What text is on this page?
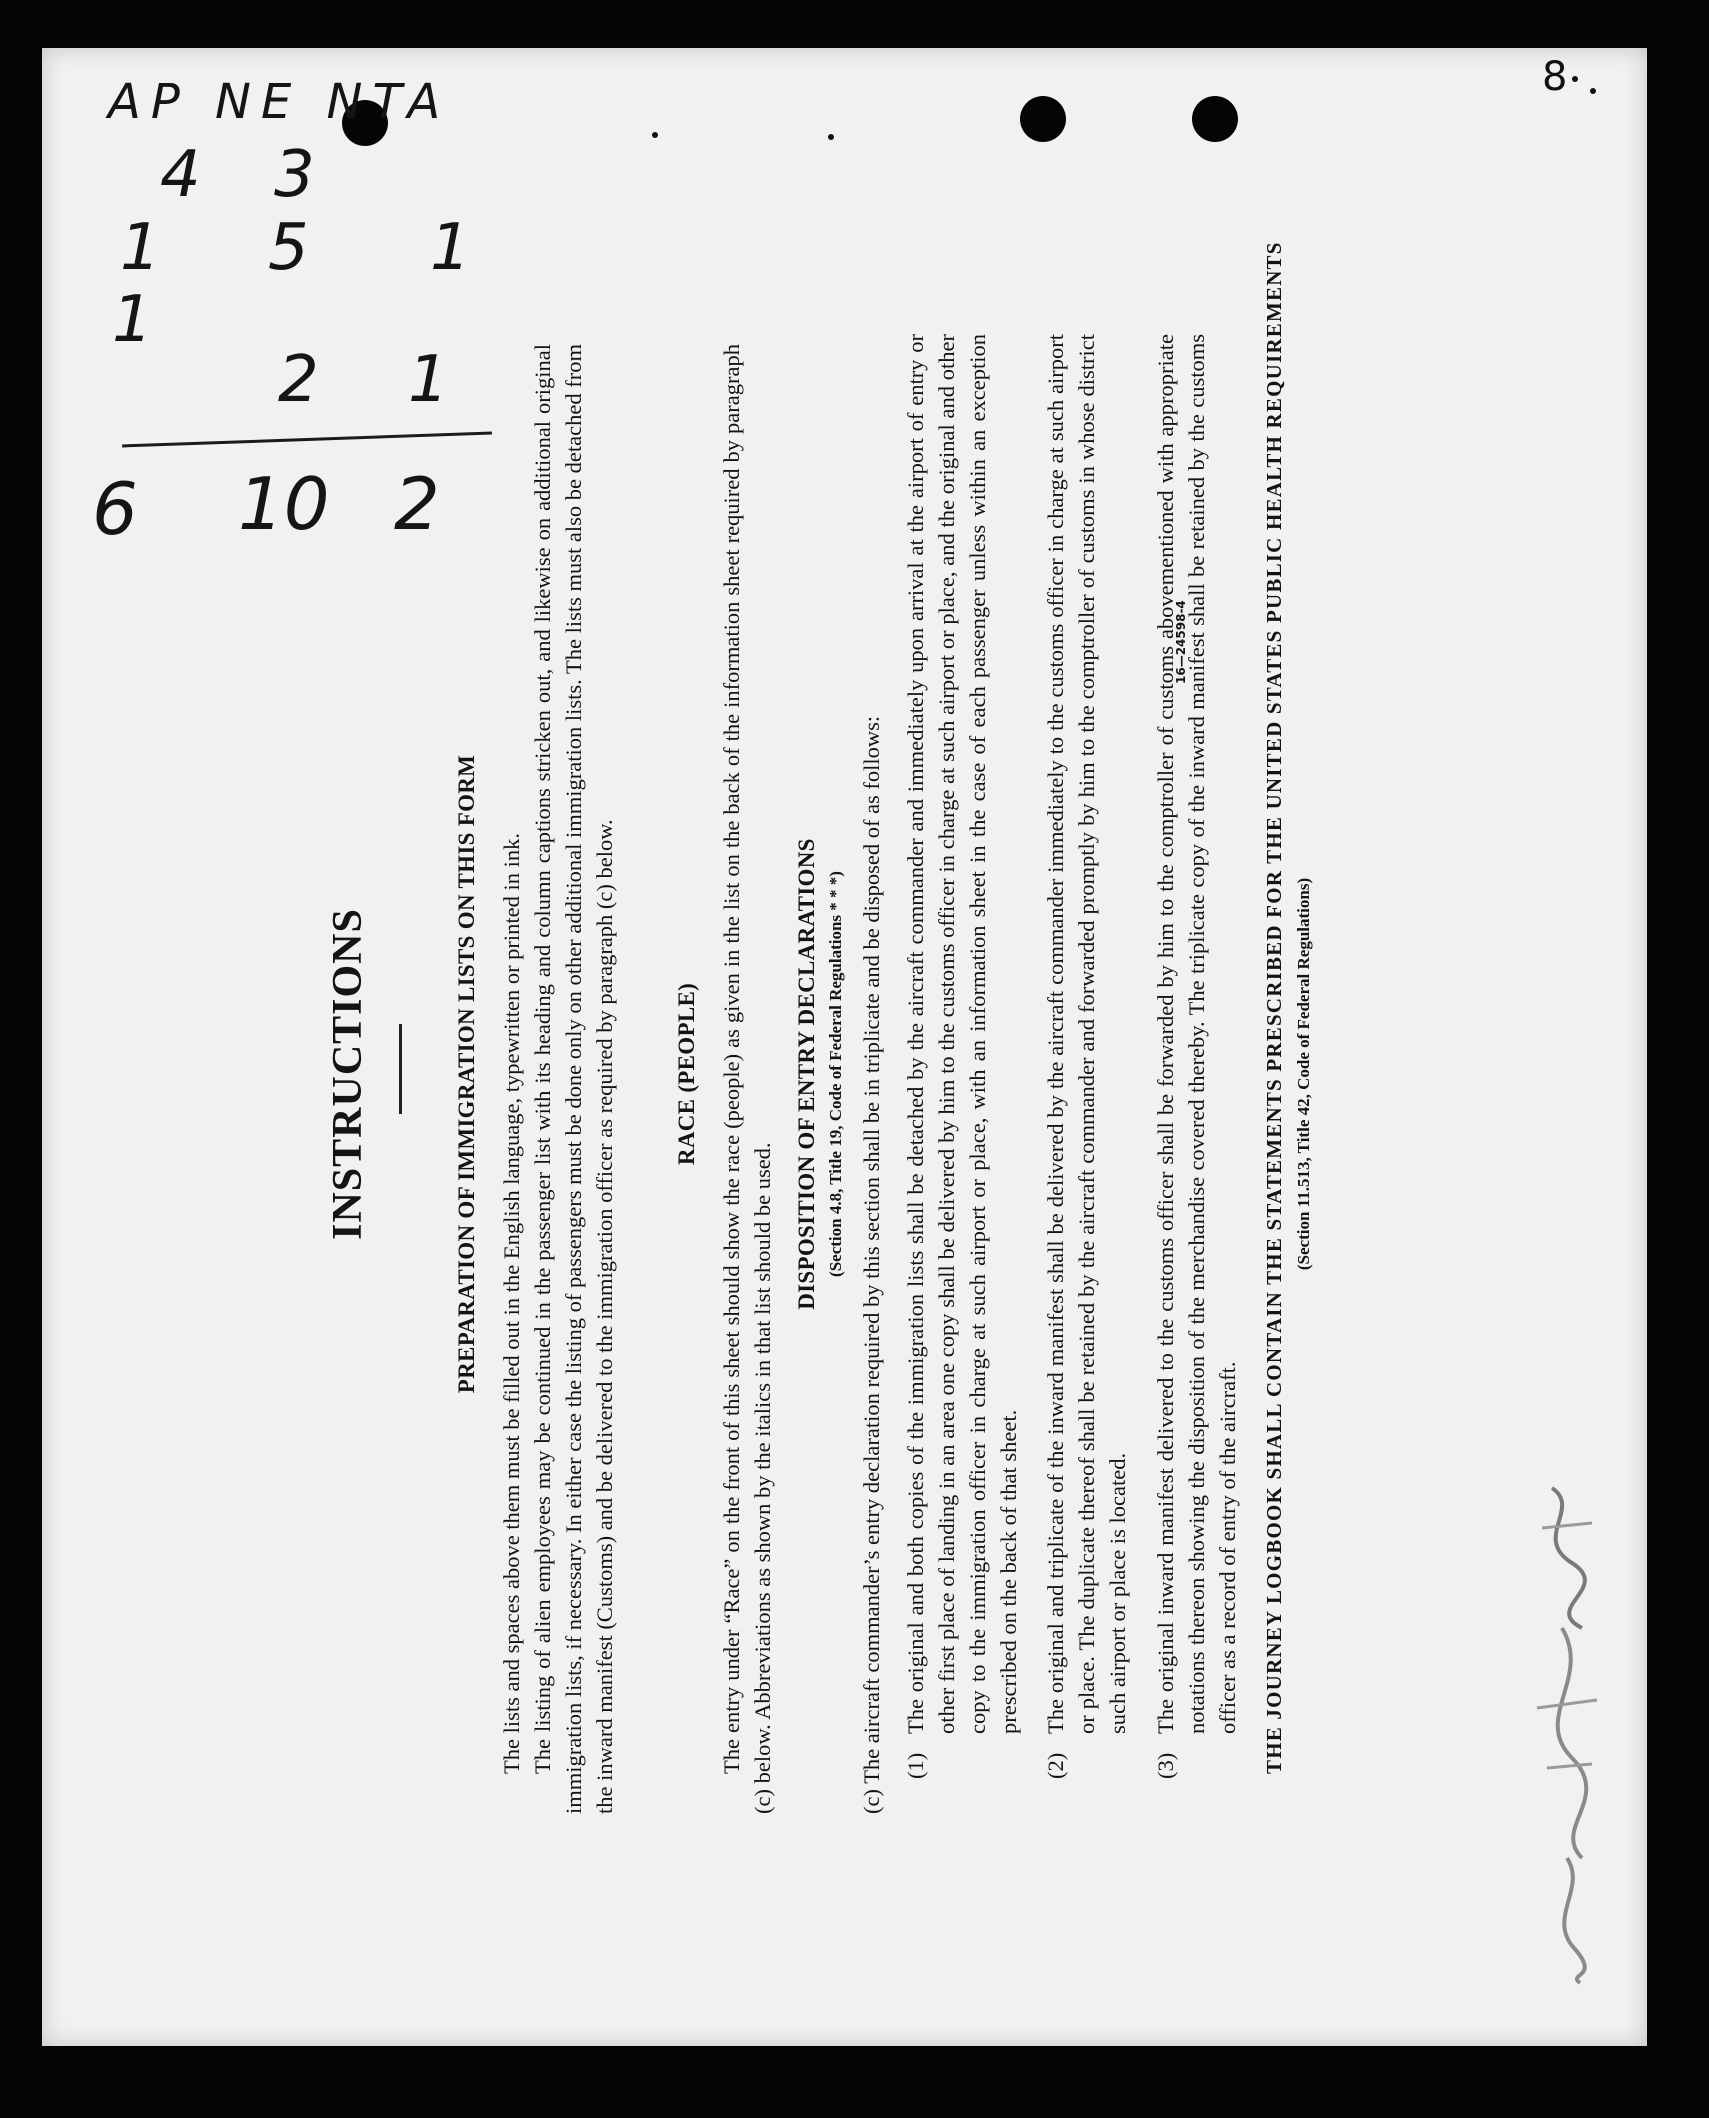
8
AP NE NTA
4 3
1 5 1
1
2 1
6 10 2
INSTRUCTIONS	PREPARATION OF IMMIGRATION LISTS ON THIS FORM The lists and spaces above them must be filled out in the English language, typewritten or printed in ink. The listing of alien employees may be continued in the passenger list with its heading and column captions stricken out, and likewise on additional original immigration lists, if necessary. In either case the listing of passengers must be done only on other additional immigration lists. The lists must also be detached from the inward manifest (Customs) and be delivered to the immigration officer as required by paragraph (c) below. RACE (PEOPLE) The entry under “Race” on the front of this sheet should show the race (people) as given in the list on the back of the information sheet required by paragraph (c) below. Abbreviations as shown by the italics in that list should be used.

DISPOSITION OF ENTRY DECLARATIONS (Section 4.8, Title 19, Code of Federal Regulations * * *) (c) The aircraft commander’s entry declaration required by this section shall be in triplicate and be disposed of as follows: (1)

The original and both copies of the immigration lists shall be detached by the aircraft commander and immediately upon arrival at the airport of entry or other first place of landing in an area one copy shall be delivered by him to the customs officer in charge at such airport or place, and the original and other copy to the immigration officer in charge at such airport or place, with an information sheet in the case of each passenger unless within an exception prescribed on the back of that sheet.

(2)

The original and triplicate of the inward manifest shall be delivered by the aircraft commander immediately to the customs officer in charge at such airport or place. The duplicate thereof shall be retained by the aircraft commander and forwarded promptly by him to the comptroller of customs in whose district such airport or place is located.

(3)

The original inward manifest delivered to the customs officer shall be forwarded by him to the comptroller of customs abovementioned with appropriate notations thereon showing the disposition of the merchandise covered thereby. The triplicate copy of the inward manifest shall be retained by the customs officer as a record of entry of the aircraft. THE JOURNEY LOGBOOK SHALL CONTAIN THE STATEMENTS PRESCRIBED FOR THE UNITED STATES PUBLIC HEALTH REQUIREMENTS (Section 11.513, Title 42, Code of Federal Regulations)
16—24598-4
